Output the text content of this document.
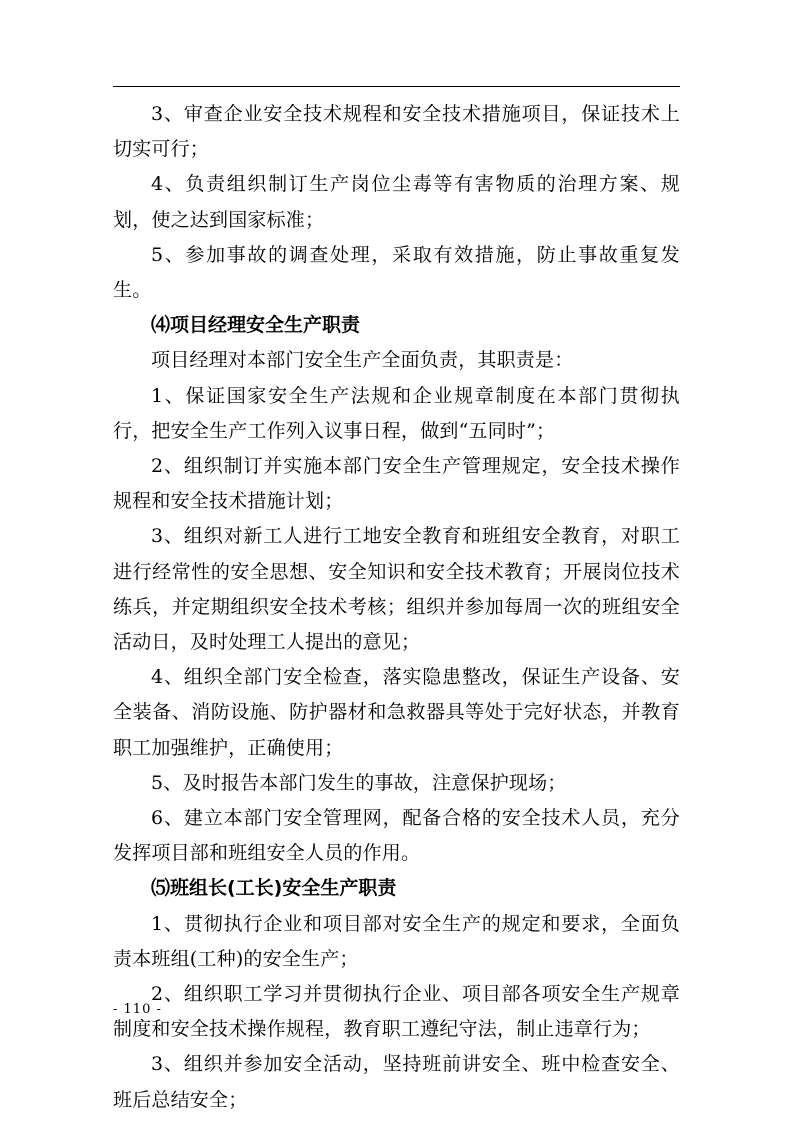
3、审查企业安全技术规程和安全技术措施项目，保证技术上切实可行；

4、负责组织制订生产岗位尘毒等有害物质的治理方案、规划，使之达到国家标准；

5、参加事故的调查处理，采取有效措施，防止事故重复发生。

⑷项目经理安全生产职责

项目经理对本部门安全生产全面负责，其职责是：

1、保证国家安全生产法规和企业规章制度在本部门贯彻执行，把安全生产工作列入议事日程，做到“五同时”；

2、组织制订并实施本部门安全生产管理规定，安全技术操作规程和安全技术措施计划；

3、组织对新工人进行工地安全教育和班组安全教育，对职工进行经常性的安全思想、安全知识和安全技术教育；开展岗位技术练兵，并定期组织安全技术考核；组织并参加每周一次的班组安全活动日，及时处理工人提出的意见；

4、组织全部门安全检查，落实隐患整改，保证生产设备、安全装备、消防设施、防护器材和急救器具等处于完好状态，并教育职工加强维护，正确使用；

5、及时报告本部门发生的事故，注意保护现场；

6、建立本部门安全管理网，配备合格的安全技术人员，充分发挥项目部和班组安全人员的作用。

⑸班组长(工长)安全生产职责

1、贯彻执行企业和项目部对安全生产的规定和要求，全面负责本班组(工种)的安全生产；

2、组织职工学习并贯彻执行企业、项目部各项安全生产规章制度和安全技术操作规程，教育职工遵纪守法，制止违章行为；

3、组织并参加安全活动，坚持班前讲安全、班中检查安全、班后总结安全；

- 110 -
